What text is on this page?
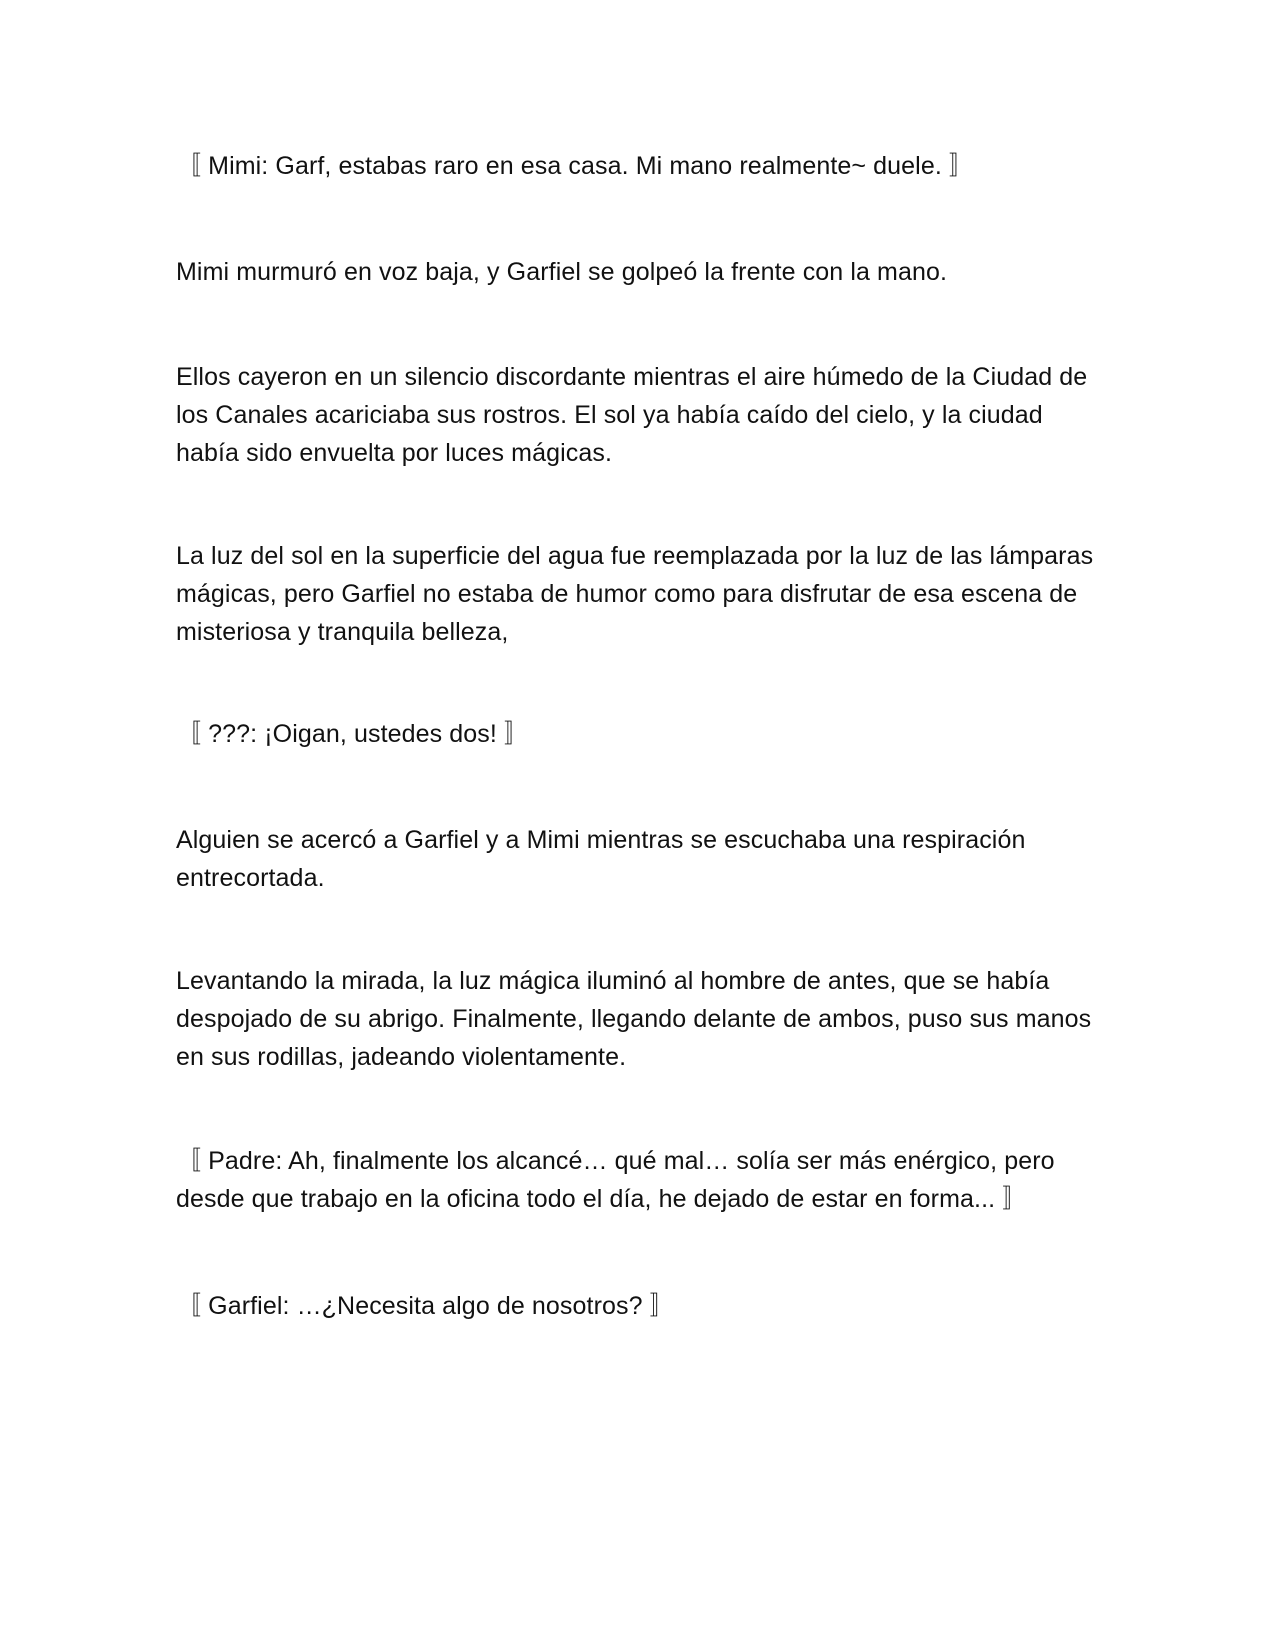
〚 Mimi: Garf, estabas raro en esa casa. Mi mano realmente~ duele. 〛

Mimi murmuró en voz baja, y Garfiel se golpeó la frente con la mano.

Ellos cayeron en un silencio discordante mientras el aire húmedo de la Ciudad de los Canales acariciaba sus rostros. El sol ya había caído del cielo, y la ciudad había sido envuelta por luces mágicas.

La luz del sol en la superficie del agua fue reemplazada por la luz de las lámparas mágicas, pero Garfiel no estaba de humor como para disfrutar de esa escena de misteriosa y tranquila belleza,

〚 ???: ¡Oigan, ustedes dos! 〛

Alguien se acercó a Garfiel y a Mimi mientras se escuchaba una respiración entrecortada.

Levantando la mirada, la luz mágica iluminó al hombre de antes, que se había despojado de su abrigo. Finalmente, llegando delante de ambos, puso sus manos en sus rodillas, jadeando violentamente.

〚 Padre: Ah, finalmente los alcancé… qué mal… solía ser más enérgico, pero desde que trabajo en la oficina todo el día, he dejado de estar en forma... 〛

〚 Garfiel: …¿Necesita algo de nosotros? 〛
